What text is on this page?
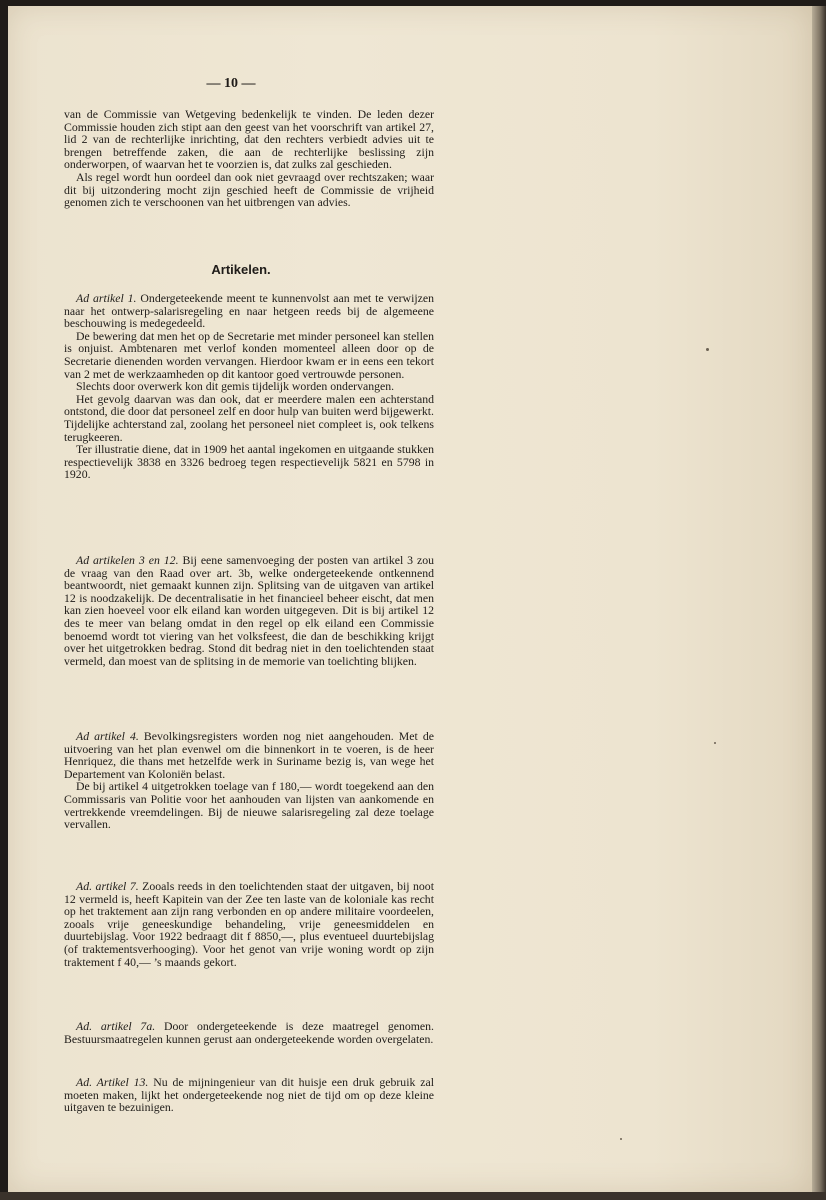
— 10 —

van de Commissie van Wetgeving bedenkelijk te vinden. De leden dezer Commissie houden zich stipt aan den geest van het voorschrift van artikel 27, lid 2 van de rechterlijke inrichting, dat den rechters verbiedt advies uit te brengen betreffende zaken, die aan de rechterlijke beslissing zijn onderworpen, of waarvan het te voorzien is, dat zulks zal geschieden.

Als regel wordt hun oordeel dan ook niet gevraagd over rechtszaken; waar dit bij uitzondering mocht zijn geschied heeft de Commissie de vrijheid genomen zich te verschoonen van het uitbrengen van advies.

Artikelen.

Ad artikel 1. Ondergeteekende meent te kunnenvolst aan met te verwijzen naar het ontwerp-salarisregeling en naar hetgeen reeds bij de algemeene beschouwing is medegedeeld.

De bewering dat men het op de Secretarie met minder personeel kan stellen is onjuist. Ambtenaren met verlof konden momenteel alleen door op de Secretarie dienenden worden vervangen. Hierdoor kwam er in eens een tekort van 2 met de werkzaamheden op dit kantoor goed vertrouwde personen.

Slechts door overwerk kon dit gemis tijdelijk worden ondervangen.

Het gevolg daarvan was dan ook, dat er meerdere malen een achterstand ontstond, die door dat personeel zelf en door hulp van buiten werd bijgewerkt. Tijdelijke achterstand zal, zoolang het personeel niet compleet is, ook telkens terugkeeren.

Ter illustratie diene, dat in 1909 het aantal ingekomen en uitgaande stukken respectievelijk 3838 en 3326 bedroeg tegen respectievelijk 5821 en 5798 in 1920.

Ad artikelen 3 en 12. Bij eene samenvoeging der posten van artikel 3 zou de vraag van den Raad over art. 3b, welke ondergeteekende ontkennend beantwoordt, niet gemaakt kunnen zijn. Splitsing van de uitgaven van artikel 12 is noodzakelijk. De decentralisatie in het financieel beheer eischt, dat men kan zien hoeveel voor elk eiland kan worden uitgegeven. Dit is bij artikel 12 des te meer van belang omdat in den regel op elk eiland een Commissie benoemd wordt tot viering van het volksfeest, die dan de beschikking krijgt over het uitgetrokken bedrag. Stond dit bedrag niet in den toelichtenden staat vermeld, dan moest van de splitsing in de memorie van toelichting blijken.

Ad artikel 4. Bevolkingsregisters worden nog niet aangehouden. Met de uitvoering van het plan evenwel om die binnenkort in te voeren, is de heer Henriquez, die thans met hetzelfde werk in Suriname bezig is, van wege het Departement van Koloniën belast.

De bij artikel 4 uitgetrokken toelage van f 180,— wordt toegekend aan den Commissaris van Politie voor het aanhouden van lijsten van aankomende en vertrekkende vreemdelingen. Bij de nieuwe salarisregeling zal deze toelage vervallen.

Ad. artikel 7. Zooals reeds in den toelichtenden staat der uitgaven, bij noot 12 vermeld is, heeft Kapitein van der Zee ten laste van de koloniale kas recht op het traktement aan zijn rang verbonden en op andere militaire voordeelen, zooals vrije geneeskundige behandeling, vrije geneesmiddelen en duurtebijslag. Voor 1922 bedraagt dit f 8850,—, plus eventueel duurtebijslag (of traktementsverhooging). Voor het genot van vrije woning wordt op zijn traktement f 40,— ’s maands gekort.

Ad. artikel 7a. Door ondergeteekende is deze maatregel genomen. Bestuursmaatregelen kunnen gerust aan ondergeteekende worden overgelaten.

Ad. Artikel 13. Nu de mijningenieur van dit huisje een druk gebruik zal moeten maken, lijkt het ondergeteekende nog niet de tijd om op deze kleine uitgaven te bezuinigen.
